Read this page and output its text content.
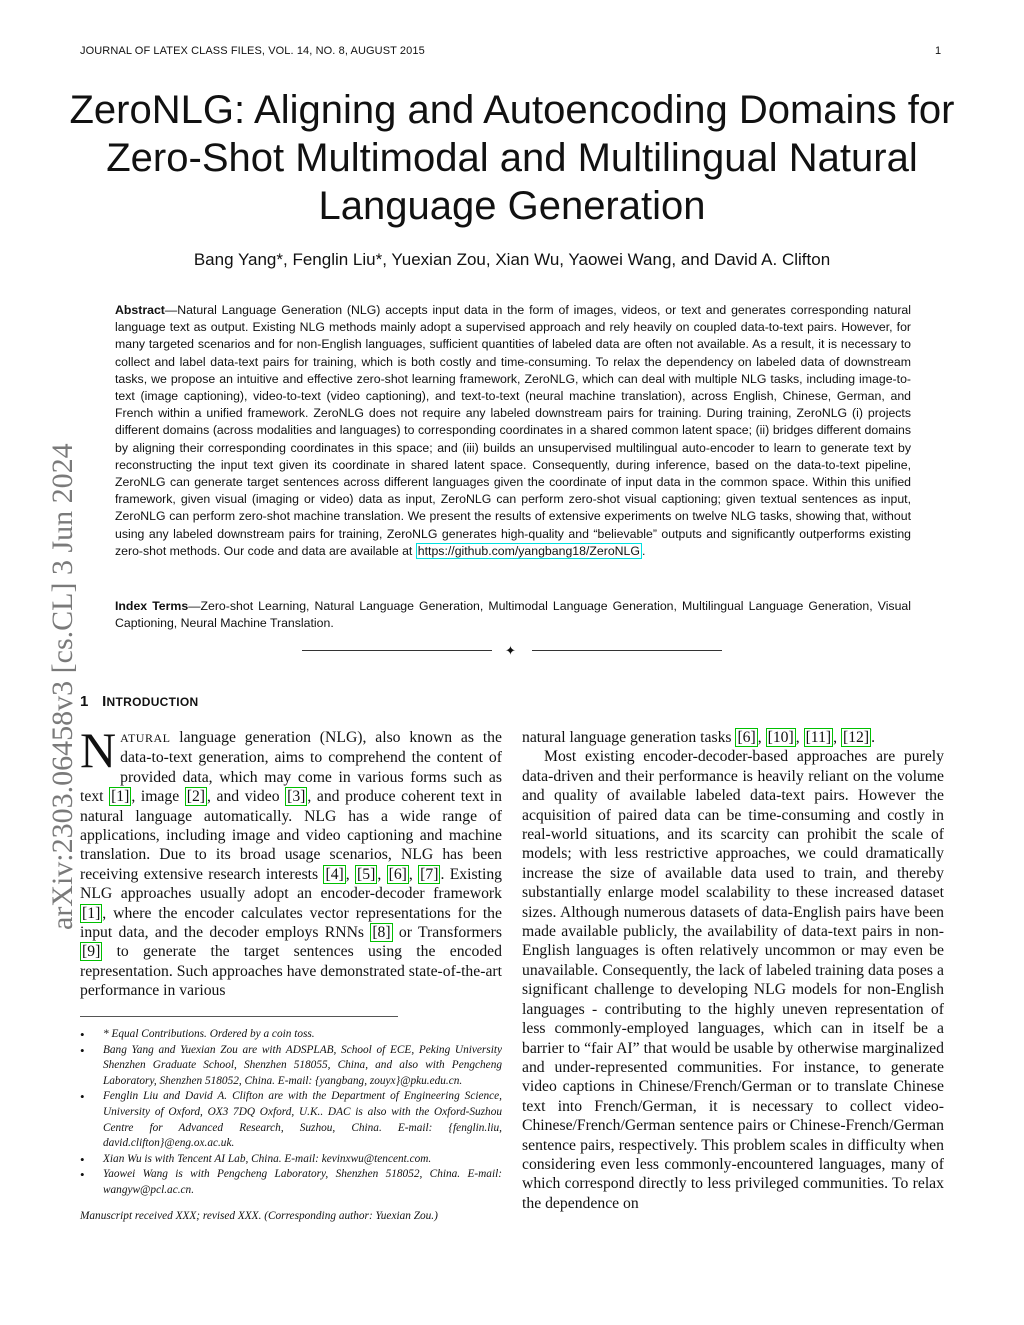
JOURNAL OF LATEX CLASS FILES, VOL. 14, NO. 8, AUGUST 2015	1
ZeroNLG: Aligning and Autoencoding Domains for Zero-Shot Multimodal and Multilingual Natural Language Generation
Bang Yang*, Fenglin Liu*, Yuexian Zou, Xian Wu, Yaowei Wang, and David A. Clifton

Abstract—Natural Language Generation (NLG) accepts input data in the form of images, videos, or text and generates corresponding natural language text as output. Existing NLG methods mainly adopt a supervised approach and rely heavily on coupled data-to-text pairs. However, for many targeted scenarios and for non-English languages, sufficient quantities of labeled data are often not available. As a result, it is necessary to collect and label data-text pairs for training, which is both costly and time-consuming. To relax the dependency on labeled data of downstream tasks, we propose an intuitive and effective zero-shot learning framework, ZeroNLG, which can deal with multiple NLG tasks, including image-to-text (image captioning), video-to-text (video captioning), and text-to-text (neural machine translation), across English, Chinese, German, and French within a unified framework. ZeroNLG does not require any labeled downstream pairs for training. During training, ZeroNLG (i) projects different domains (across modalities and languages) to corresponding coordinates in a shared common latent space; (ii) bridges different domains by aligning their corresponding coordinates in this space; and (iii) builds an unsupervised multilingual auto-encoder to learn to generate text by reconstructing the input text given its coordinate in shared latent space. Consequently, during inference, based on the data-to-text pipeline, ZeroNLG can generate target sentences across different languages given the coordinate of input data in the common space. Within this unified framework, given visual (imaging or video) data as input, ZeroNLG can perform zero-shot visual captioning; given textual sentences as input, ZeroNLG can perform zero-shot machine translation. We present the results of extensive experiments on twelve NLG tasks, showing that, without using any labeled downstream pairs for training, ZeroNLG generates high-quality and “believable” outputs and significantly outperforms existing zero-shot methods. Our code and data are available at https://github.com/yangbang18/ZeroNLG .

Index Terms—Zero-shot Learning, Natural Language Generation, Multimodal Language Generation, Multilingual Language Generation, Visual Captioning, Neural Machine Translation.

✦
arXiv:2303.06458v3 [cs.CL] 3 Jun 2024 1 INTRODUCTION

NATURAL language generation (NLG), also known as the data-to-text generation, aims to comprehend the content of provided data, which may come in various forms such as text [1] , image [2] , and video [3] , and produce coherent text in natural language automatically. NLG has a wide range of applications, including image and video captioning and machine translation. Due to its broad usage scenarios, NLG has been receiving extensive research interests [4] , [5] , [6] , [7] . Existing NLG approaches usually adopt an encoder-decoder framework [1] , where the encoder calculates vector representations for the input data, and the decoder employs RNNs [8] or Transformers [9] to generate the target sentences using the encoded representation. Such approaches have demonstrated state-of-the-art performance in various

• * Equal Contributions. Ordered by a coin toss.
• Bang Yang and Yuexian Zou are with ADSPLAB, School of ECE, Peking University Shenzhen Graduate School, Shenzhen 518055, China, and also with Pengcheng Laboratory, Shenzhen 518052, China. E-mail: {yangbang, zouyx}@pku.edu.cn.
• Fenglin Liu and David A. Clifton are with the Department of Engineering Science, University of Oxford, OX3 7DQ Oxford, U.K.. DAC is also with the Oxford-Suzhou Centre for Advanced Research, Suzhou, China. E-mail: {fenglin.liu, david.clifton}@eng.ox.ac.uk.
• Xian Wu is with Tencent AI Lab, China. E-mail: kevinxwu@tencent.com.
• Yaowei Wang is with Pengcheng Laboratory, Shenzhen 518052, China. E-mail: wangyw@pcl.ac.cn.
Manuscript received XXX; revised XXX. (Corresponding author: Yuexian Zou.)

natural language generation tasks [6] , [10] , [11] , [12] .

Most existing encoder-decoder-based approaches are purely data-driven and their performance is heavily reliant on the volume and quality of available labeled data-text pairs. However the acquisition of paired data can be time-consuming and costly in real-world situations, and its scarcity can prohibit the scale of models; with less restrictive approaches, we could dramatically increase the size of available data used to train, and thereby substantially enlarge model scalability to these increased dataset sizes. Although numerous datasets of data-English pairs have been made available publicly, the availability of data-text pairs in non-English languages is often relatively uncommon or may even be unavailable. Consequently, the lack of labeled training data poses a significant challenge to developing NLG models for non-English languages - contributing to the highly uneven representation of less commonly-employed languages, which can in itself be a barrier to “fair AI” that would be usable by otherwise marginalized and under-represented communities. For instance, to generate video captions in Chinese/French/German or to translate Chinese text into French/German, it is necessary to collect video-Chinese/French/German sentence pairs or Chinese-French/German sentence pairs, respectively. This problem scales in difficulty when considering even less commonly-encountered languages, many of which correspond directly to less privileged communities. To relax the dependence on
